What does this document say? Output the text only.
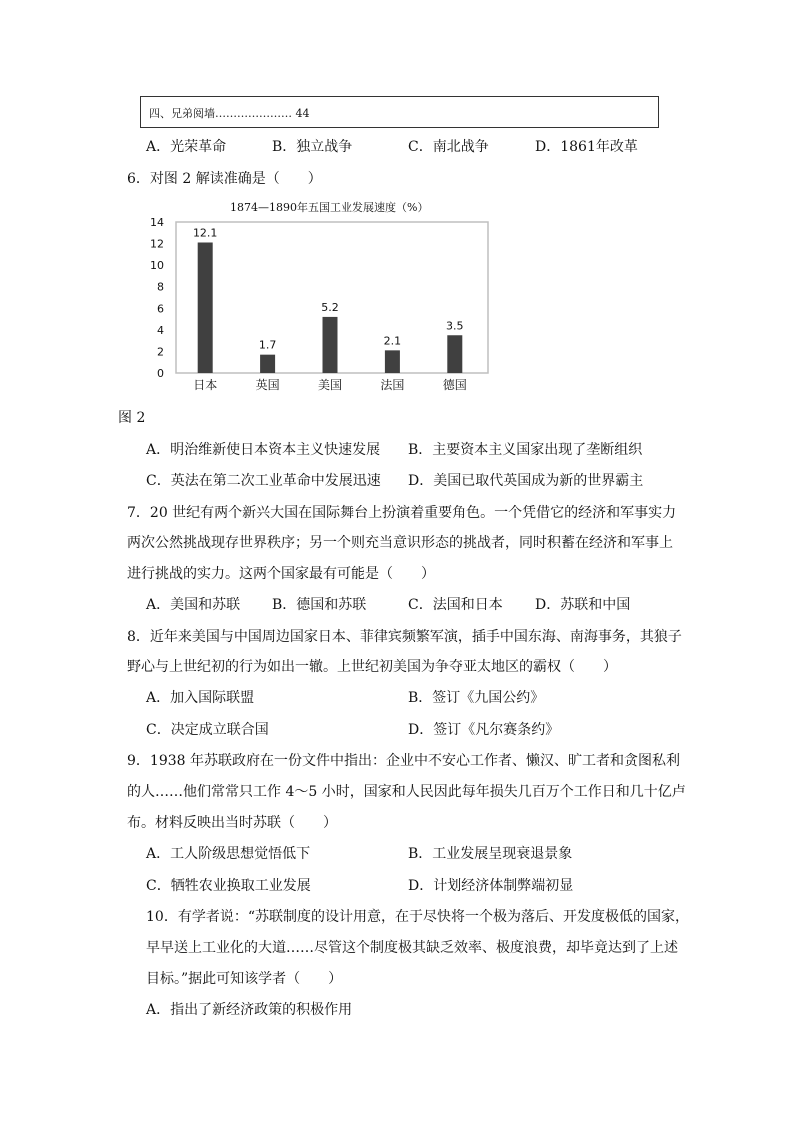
四、兄弟阅墙………………… 44
A．光荣革命	B．独立战争	C．南北战争	D．1861年改革
6．对图 2 解读准确是（　　）
1874—1890年五国工业发展速度（%）
0
2
4
6
8
10
12
14
12.1
日本
1.7
英国
5.2
美国
2.1
法国
3.5
德国
图 2
A．明治维新使日本资本主义快速发展 B．主要资本主义国家出现了垄断组织
C．英法在第二次工业革命中发展迅速 D．美国已取代英国成为新的世界霸主
7．20 世纪有两个新兴大国在国际舞台上扮演着重要角色。一个凭借它的经济和军事实力
两次公然挑战现存世界秩序；另一个则充当意识形态的挑战者，同时积蓄在经济和军事上
进行挑战的实力。这两个国家最有可能是（　　）
A．美国和苏联 B．德国和苏联	C．法国和日本 D．苏联和中国
8．近年来美国与中国周边国家日本、菲律宾频繁军演，插手中国东海、南海事务，其狼子
野心与上世纪初的行为如出一辙。上世纪初美国为争夺亚太地区的霸权（　　）
A．加入国际联盟	B．签订《九国公约》
C．决定成立联合国	D．签订《凡尔赛条约》
9．1938 年苏联政府在一份文件中指出：企业中不安心工作者、懒汉、旷工者和贪图私利
的人……他们常常只工作 4～5 小时，国家和人民因此每年损失几百万个工作日和几十亿卢
布。材料反映出当时苏联（　　）
A．工人阶级思想觉悟低下	B．工业发展呈现衰退景象
C．牺牲农业换取工业发展	D．计划经济体制弊端初显
10．有学者说：“苏联制度的设计用意，在于尽快将一个极为落后、开发度极低的国家，
早早送上工业化的大道……尽管这个制度极其缺乏效率、极度浪费，却毕竟达到了上述
目标。”据此可知该学者（　　）
A．指出了新经济政策的积极作用
